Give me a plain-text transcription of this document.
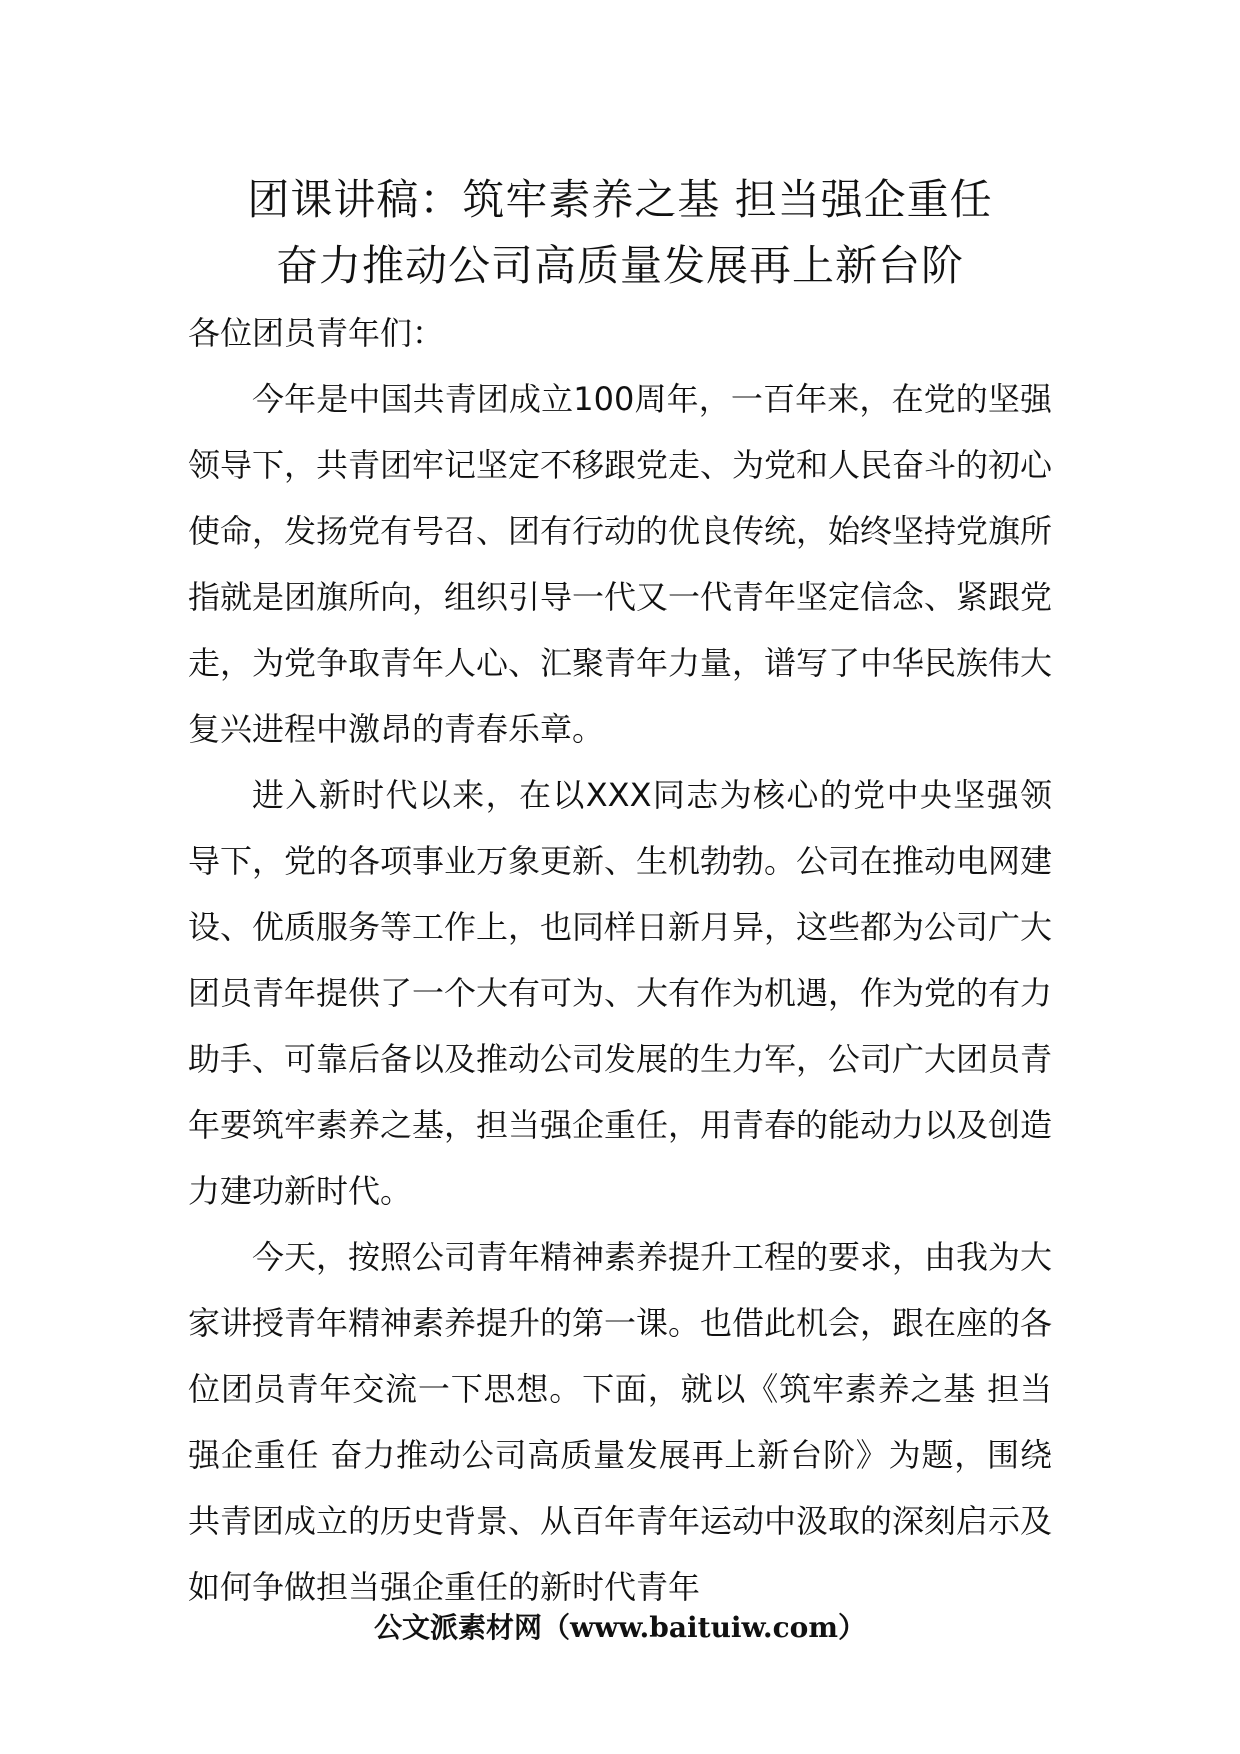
团课讲稿：筑牢素养之基 担当强企重任
奋力推动公司高质量发展再上新台阶

各位团员青年们：

今年是中国共青团成立100周年，一百年来，在党的坚强领导下，共青团牢记坚定不移跟党走、为党和人民奋斗的初心使命，发扬党有号召、团有行动的优良传统，始终坚持党旗所指就是团旗所向，组织引导一代又一代青年坚定信念、紧跟党走，为党争取青年人心、汇聚青年力量，谱写了中华民族伟大复兴进程中激昂的青春乐章。

进入新时代以来，在以XXX同志为核心的党中央坚强领导下，党的各项事业万象更新、生机勃勃。公司在推动电网建设、优质服务等工作上，也同样日新月异，这些都为公司广大团员青年提供了一个大有可为、大有作为机遇，作为党的有力助手、可靠后备以及推动公司发展的生力军，公司广大团员青年要筑牢素养之基，担当强企重任，用青春的能动力以及创造力建功新时代。

今天，按照公司青年精神素养提升工程的要求，由我为大家讲授青年精神素养提升的第一课。也借此机会，跟在座的各位团员青年交流一下思想。下面，就以《筑牢素养之基 担当强企重任 奋力推动公司高质量发展再上新台阶》为题，围绕共青团成立的历史背景、从百年青年运动中汲取的深刻启示及如何争做担当强企重任的新时代青年

公文派素材网（www.baituiw.com）
